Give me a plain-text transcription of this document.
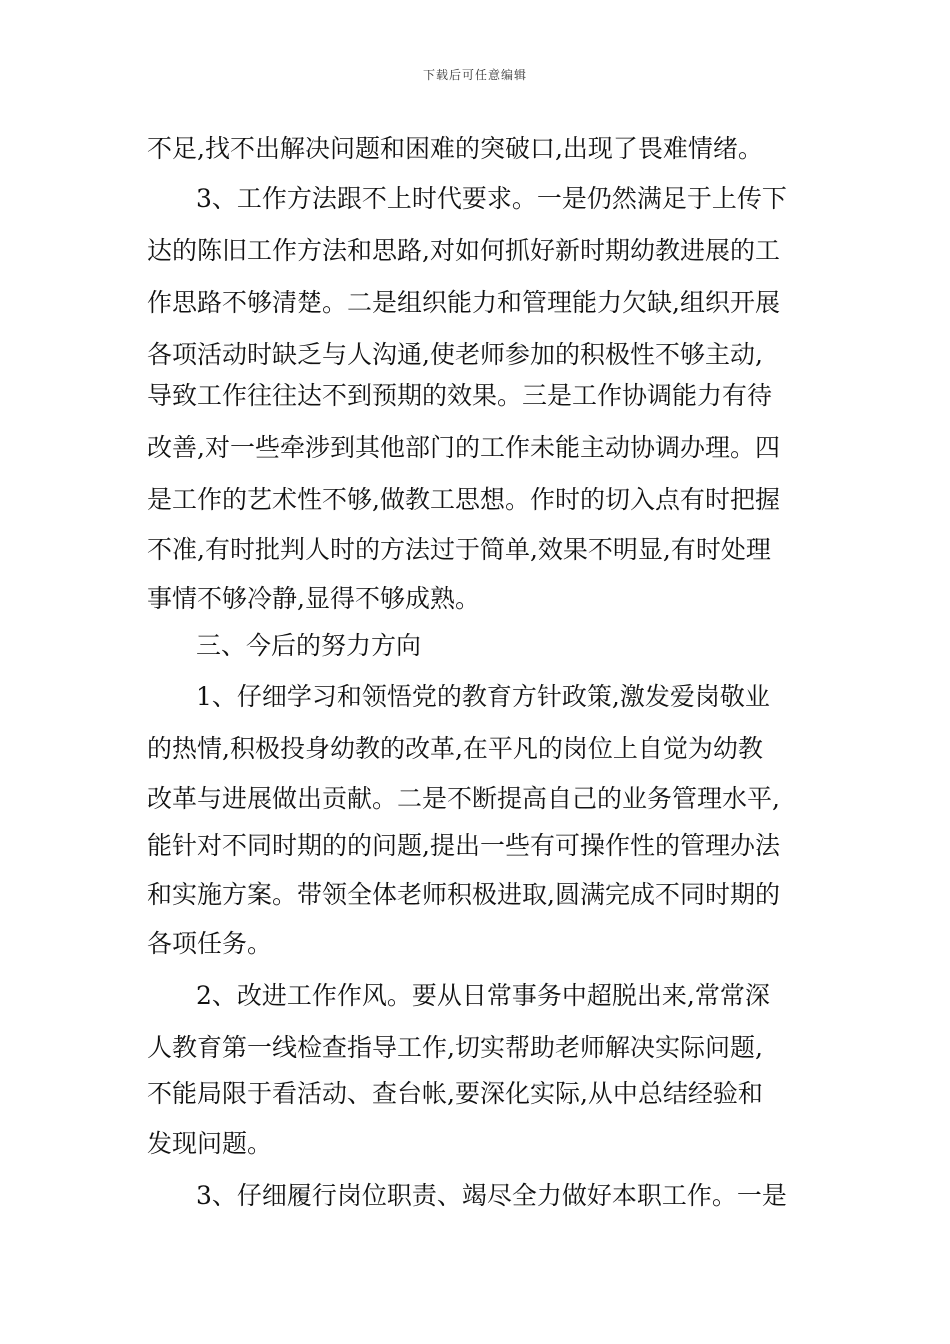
下载后可任意编辑
不足,找不出解决问题和困难的突破口,出现了畏难情绪。
3、工作方法跟不上时代要求。一是仍然满足于上传下
达的陈旧工作方法和思路,对如何抓好新时期幼教进展的工
作思路不够清楚。二是组织能力和管理能力欠缺,组织开展
各项活动时缺乏与人沟通,使老师参加的积极性不够主动,
导致工作往往达不到预期的效果。三是工作协调能力有待
改善,对一些牵涉到其他部门的工作未能主动协调办理。四
是工作的艺术性不够,做教工思想。作时的切入点有时把握
不准,有时批判人时的方法过于简单,效果不明显,有时处理
事情不够冷静,显得不够成熟。
三、今后的努力方向
1、仔细学习和领悟党的教育方针政策,激发爱岗敬业
的热情,积极投身幼教的改革,在平凡的岗位上自觉为幼教
改革与进展做出贡献。二是不断提高自己的业务管理水平,
能针对不同时期的的问题,提出一些有可操作性的管理办法
和实施方案。带领全体老师积极进取,圆满完成不同时期的
各项任务。
2、改进工作作风。要从日常事务中超脱出来,常常深
人教育第一线检查指导工作,切实帮助老师解决实际问题,
不能局限于看活动、查台帐,要深化实际,从中总结经验和
发现问题。
3、仔细履行岗位职责、竭尽全力做好本职工作。一是
